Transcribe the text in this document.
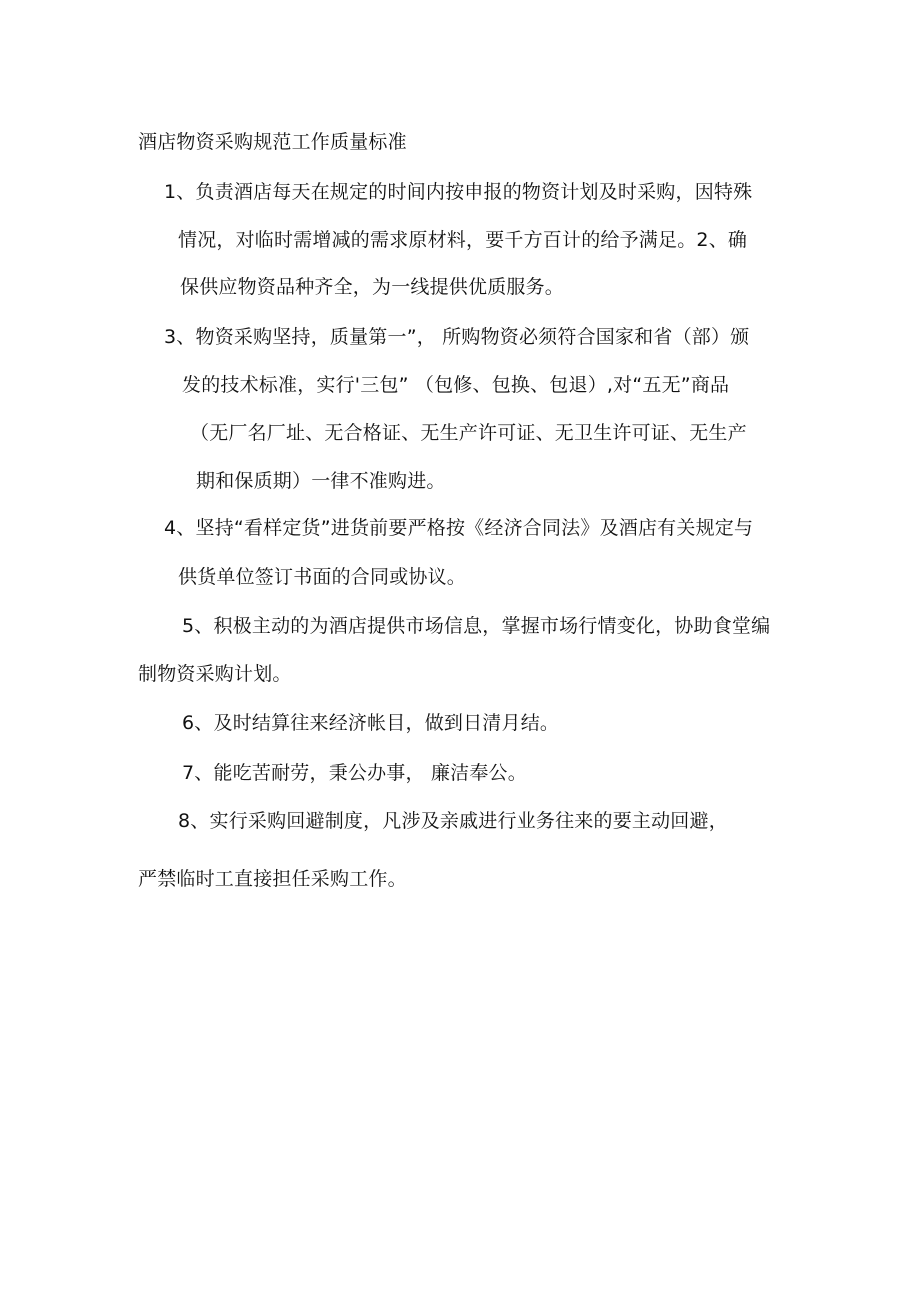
酒店物资采购规范工作质量标准
1、负责酒店每天在规定的时间内按申报的物资计划及时采购，因特殊
情况，对临时需增减的需求原材料，要千方百计的给予满足。2、确
保供应物资品种齐全，为一线提供优质服务。
3、物资采购坚持，质量第一”， 所购物资必须符合国家和省（部）颁
发的技术标准，实行'三包” （包修、包换、包退）,对“五无”商品
（无厂名厂址、无合格证、无生产许可证、无卫生许可证、无生产
期和保质期）一律不准购进。
4、坚持“看样定货”进货前要严格按《经济合同法》及酒店有关规定与
供货单位签订书面的合同或协议。
5、积极主动的为酒店提供市场信息，掌握市场行情变化，协助食堂编
制物资采购计划。
6、及时结算往来经济帐目，做到日清月结。
7、能吃苦耐劳，秉公办事， 廉洁奉公。
8、实行采购回避制度，凡涉及亲戚进行业务往来的要主动回避，
严禁临时工直接担任采购工作。
